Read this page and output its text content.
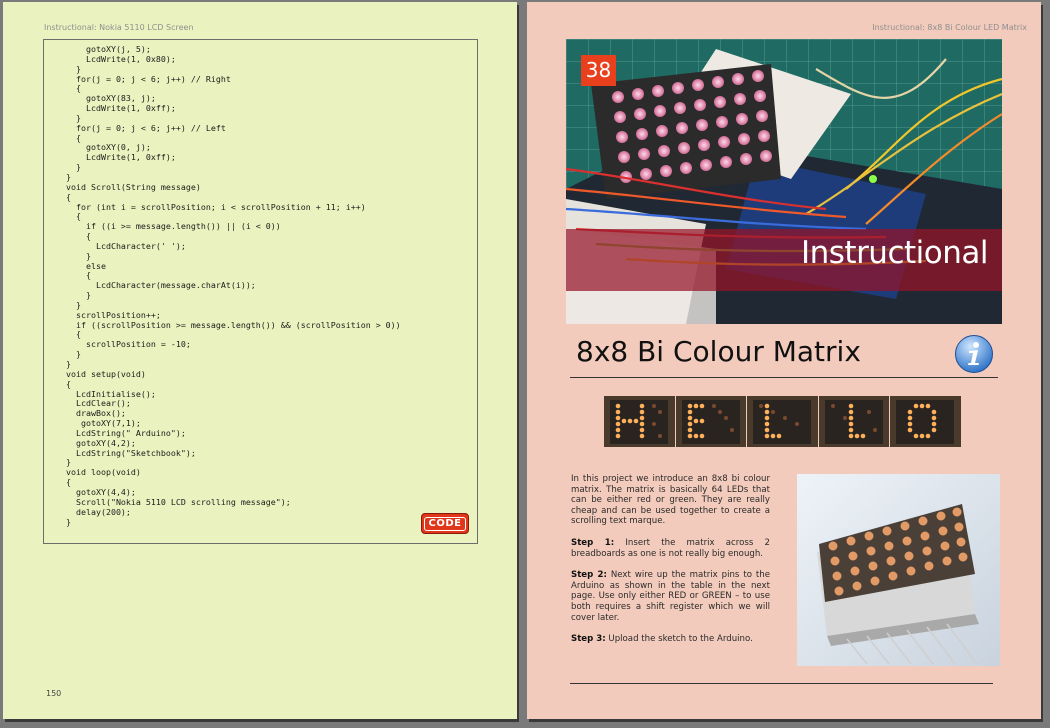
Instructional: Nokia 5110 LCD Screen
gotoXY(j, 5);
LcdWrite(1, 0x80);
}
for(j = 0; j < 6; j++) // Right
{
gotoXY(83, j);
LcdWrite(1, 0xff);
}
for(j = 0; j < 6; j++) // Left
{
gotoXY(0, j);
LcdWrite(1, 0xff);
}
}
void Scroll(String message)
{
for (int i = scrollPosition; i < scrollPosition + 11; i++)
{
if ((i >= message.length()) || (i < 0))
{
LcdCharacter(' ');
}
else
{
LcdCharacter(message.charAt(i));
}
}
scrollPosition++;
if ((scrollPosition >= message.length()) && (scrollPosition > 0))
{
scrollPosition = -10;
}
}
void setup(void)
{
LcdInitialise();
LcdClear();
drawBox();
gotoXY(7,1);
LcdString(" Arduino");
gotoXY(4,2);
LcdString("Sketchbook");
}
void loop(void)
{
gotoXY(4,4);
Scroll("Nokia 5110 LCD scrolling message");
delay(200);
}	CODE
150
Instructional: 8x8 Bi Colour LED Matrix
38
Instructional
8x8 Bi Colour Matrix

In this project we introduce an 8x8 bi colour matrix. The matrix is basically 64 LEDs that can be either red or green. They are really cheap and can be used together to create a scrolling text marque.

Step 1: Insert the matrix across 2 breadboards as one is not really big enough.

Step 2: Next wire up the matrix pins to the Arduino as shown in the table in the next page. Use only either RED or GREEN – to use both requires a shift register which we will cover later.

Step 3: Upload the sketch to the Arduino.
